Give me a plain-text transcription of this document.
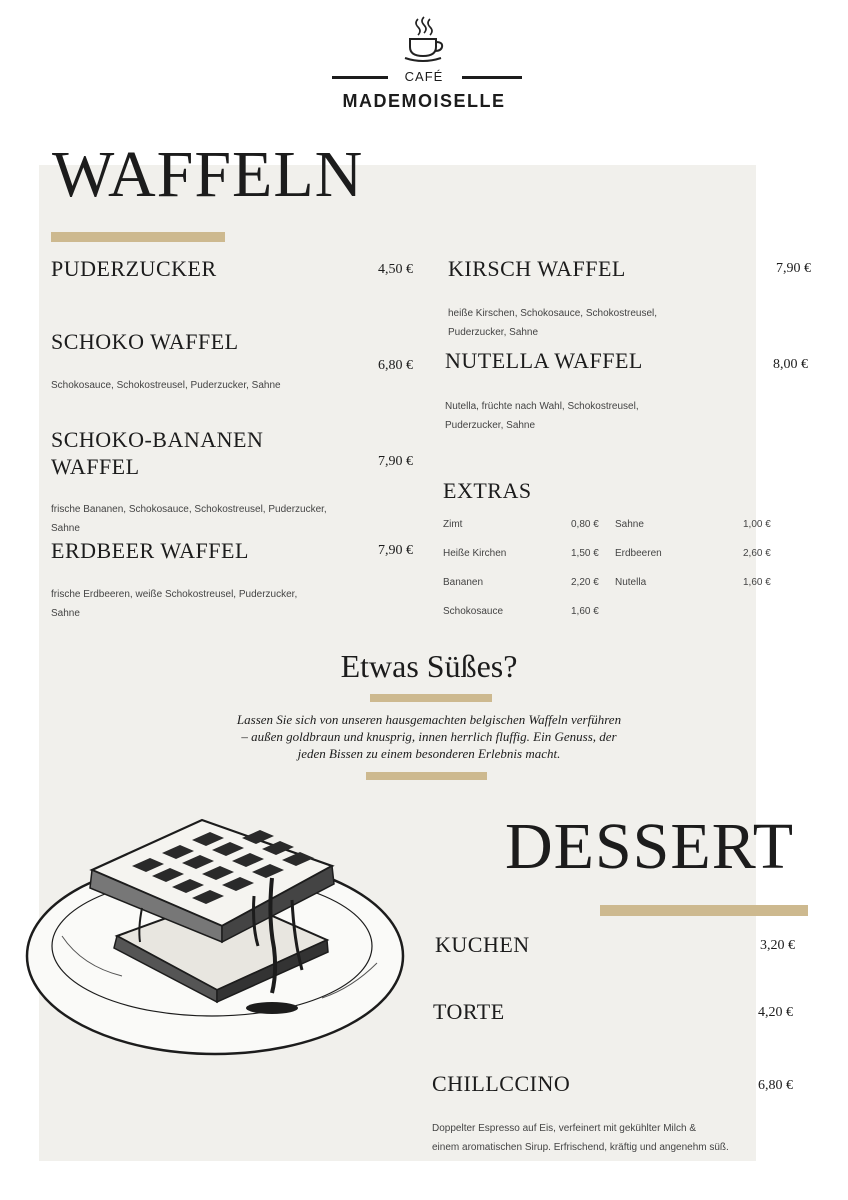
CAFÉ
MADEMOISELLE
WAFFELN
PUDERZUCKER	4,50 €
SCHOKO WAFFEL
6,80 €
Schokosauce, Schokostreusel, Puderzucker, Sahne
SCHOKO-BANANEN WAFFEL	7,90 €
frische Bananen, Schokosauce, Schokostreusel, Puderzucker, Sahne
ERDBEER WAFFEL	7,90 €
frische Erdbeeren, weiße Schokostreusel, Puderzucker, Sahne
KIRSCH WAFFEL	7,90 €
heiße Kirschen, Schokosauce, Schokostreusel, Puderzucker, Sahne
NUTELLA WAFFEL	8,00 €
Nutella, früchte nach Wahl, Schokostreusel, Puderzucker, Sahne
EXTRAS
Zimt	0,80 €
Heiße Kirchen	1,50 €
Bananen	2,20 €
Schokosauce	1,60 €
Sahne	1,00 €
Erdbeeren	2,60 €
Nutella	1,60 €
Etwas Süßes?
Lassen Sie sich von unseren hausgemachten belgischen Waffeln verführen
– außen goldbraun und knusprig, innen herrlich fluffig. Ein Genuss, der
jeden Bissen zu einem besonderen Erlebnis macht.
DESSERT
KUCHEN	3,20 €
TORTE	4,20 €
CHILLCCINO	6,80 €
Doppelter Espresso auf Eis, verfeinert mit gekühlter Milch &
einem aromatischen Sirup. Erfrischend, kräftig und angenehm süß.
